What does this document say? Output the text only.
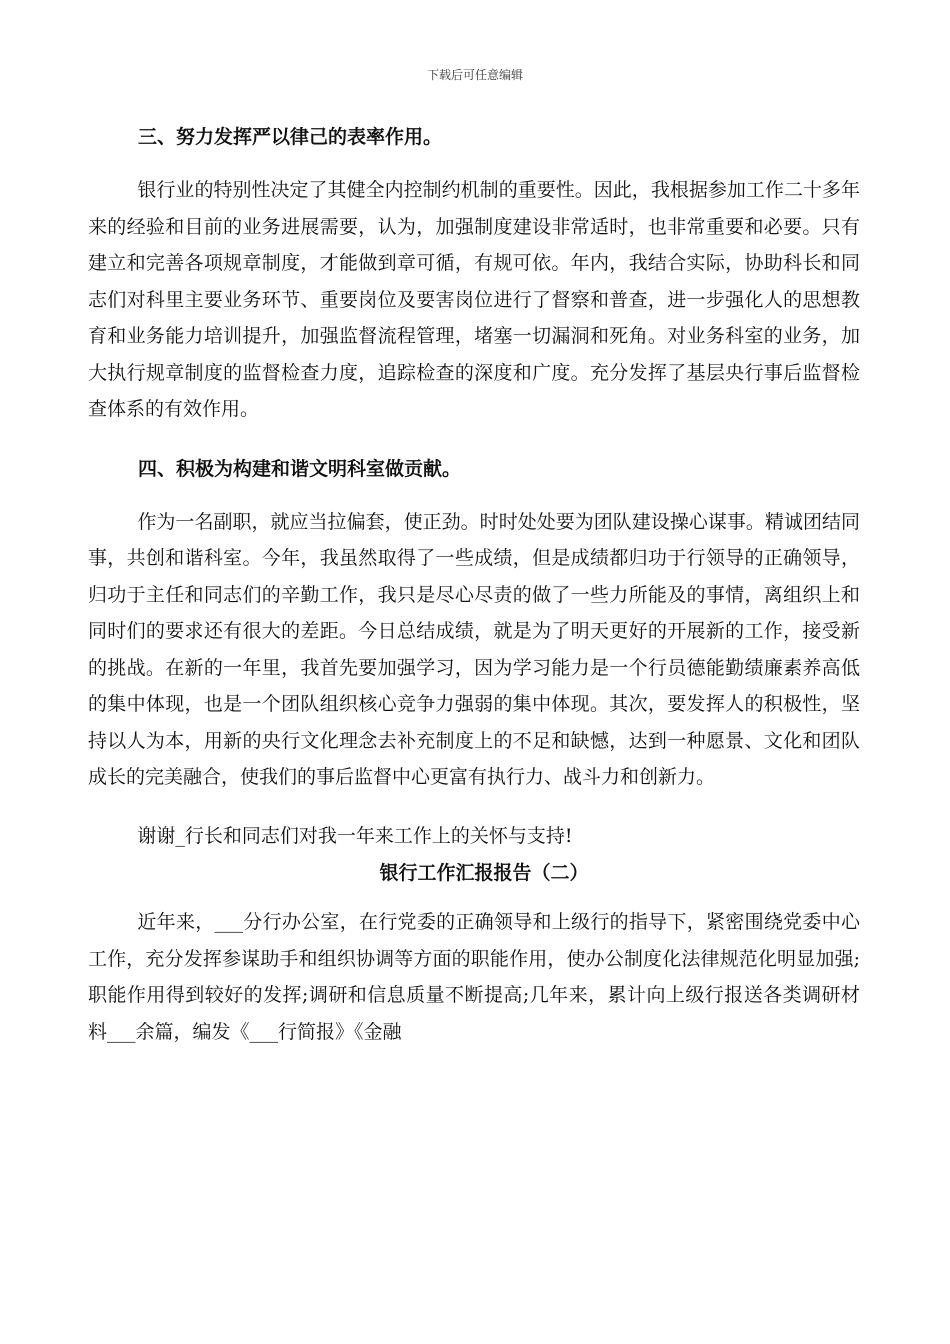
下载后可任意编辑
三、努力发挥严以律己的表率作用。

银行业的特别性决定了其健全内控制约机制的重要性。因此，我根据参加工作二十多年来的经验和目前的业务进展需要，认为，加强制度建设非常适时，也非常重要和必要。只有建立和完善各项规章制度，才能做到章可循，有规可依。年内，我结合实际，协助科长和同志们对科里主要业务环节、重要岗位及要害岗位进行了督察和普查，进一步强化人的思想教育和业务能力培训提升，加强监督流程管理，堵塞一切漏洞和死角。对业务科室的业务，加大执行规章制度的监督检查力度，追踪检查的深度和广度。充分发挥了基层央行事后监督检查体系的有效作用。

四、积极为构建和谐文明科室做贡献。

作为一名副职，就应当拉偏套，使正劲。时时处处要为团队建设操心谋事。精诚团结同事，共创和谐科室。今年，我虽然取得了一些成绩，但是成绩都归功于行领导的正确领导，归功于主任和同志们的辛勤工作，我只是尽心尽责的做了一些力所能及的事情，离组织上和同时们的要求还有很大的差距。今日总结成绩，就是为了明天更好的开展新的工作，接受新的挑战。在新的一年里，我首先要加强学习，因为学习能力是一个行员德能勤绩廉素养高低的集中体现，也是一个团队组织核心竞争力强弱的集中体现。其次，要发挥人的积极性，坚持以人为本，用新的央行文化理念去补充制度上的不足和缺憾，达到一种愿景、文化和团队成长的完美融合，使我们的事后监督中心更富有执行力、战斗力和创新力。

谢谢_行长和同志们对我一年来工作上的关怀与支持!

银行工作汇报报告（二）

近年来，___分行办公室，在行党委的正确领导和上级行的指导下，紧密围绕党委中心工作，充分发挥参谋助手和组织协调等方面的职能作用，使办公制度化法律规范化明显加强;职能作用得到较好的发挥;调研和信息质量不断提高;几年来，累计向上级行报送各类调研材料___余篇，编发《___行简报》《金融
